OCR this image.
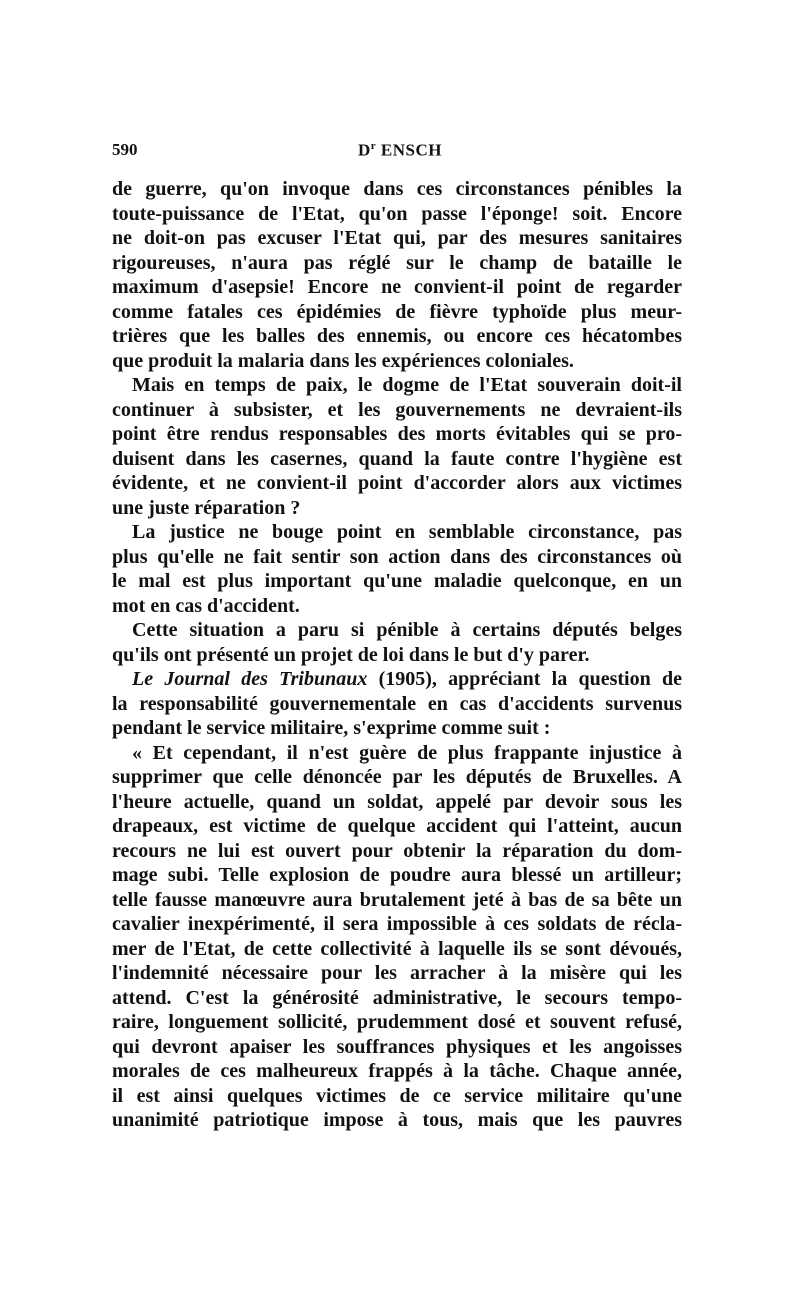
590	$D^r$ ENSCH
de guerre, qu'on invoque dans ces circonstances pénibles la
toute-puissance de l'Etat, qu'on passe l'éponge! soit. Encore
ne doit-on pas excuser l'Etat qui, par des mesures sanitaires
rigoureuses, n'aura pas réglé sur le champ de bataille le
maximum d'asepsie! Encore ne convient-il point de regarder
comme fatales ces épidémies de fièvre typhoïde plus meur-
trières que les balles des ennemis, ou encore ces hécatombes
que produit la malaria dans les expériences coloniales.
Mais en temps de paix, le dogme de l'Etat souverain doit-il
continuer à subsister, et les gouvernements ne devraient-ils
point être rendus responsables des morts évitables qui se pro-
duisent dans les casernes, quand la faute contre l'hygiène est
évidente, et ne convient-il point d'accorder alors aux victimes
une juste réparation ?
La justice ne bouge point en semblable circonstance, pas
plus qu'elle ne fait sentir son action dans des circonstances où
le mal est plus important qu'une maladie quelconque, en un
mot en cas d'accident.
Cette situation a paru si pénible à certains députés belges
qu'ils ont présenté un projet de loi dans le but d'y parer.
Le Journal des Tribunaux (1905), appréciant la question de
la responsabilité gouvernementale en cas d'accidents survenus
pendant le service militaire, s'exprime comme suit :
« Et cependant, il n'est guère de plus frappante injustice à
supprimer que celle dénoncée par les députés de Bruxelles. A
l'heure actuelle, quand un soldat, appelé par devoir sous les
drapeaux, est victime de quelque accident qui l'atteint, aucun
recours ne lui est ouvert pour obtenir la réparation du dom-
mage subi. Telle explosion de poudre aura blessé un artilleur;
telle fausse manœuvre aura brutalement jeté à bas de sa bête un
cavalier inexpérimenté, il sera impossible à ces soldats de récla-
mer de l'Etat, de cette collectivité à laquelle ils se sont dévoués,
l'indemnité nécessaire pour les arracher à la misère qui les
attend. C'est la générosité administrative, le secours tempo-
raire, longuement sollicité, prudemment dosé et souvent refusé,
qui devront apaiser les souffrances physiques et les angoisses
morales de ces malheureux frappés à la tâche. Chaque année,
il est ainsi quelques victimes de ce service militaire qu'une
unanimité patriotique impose à tous, mais que les pauvres
